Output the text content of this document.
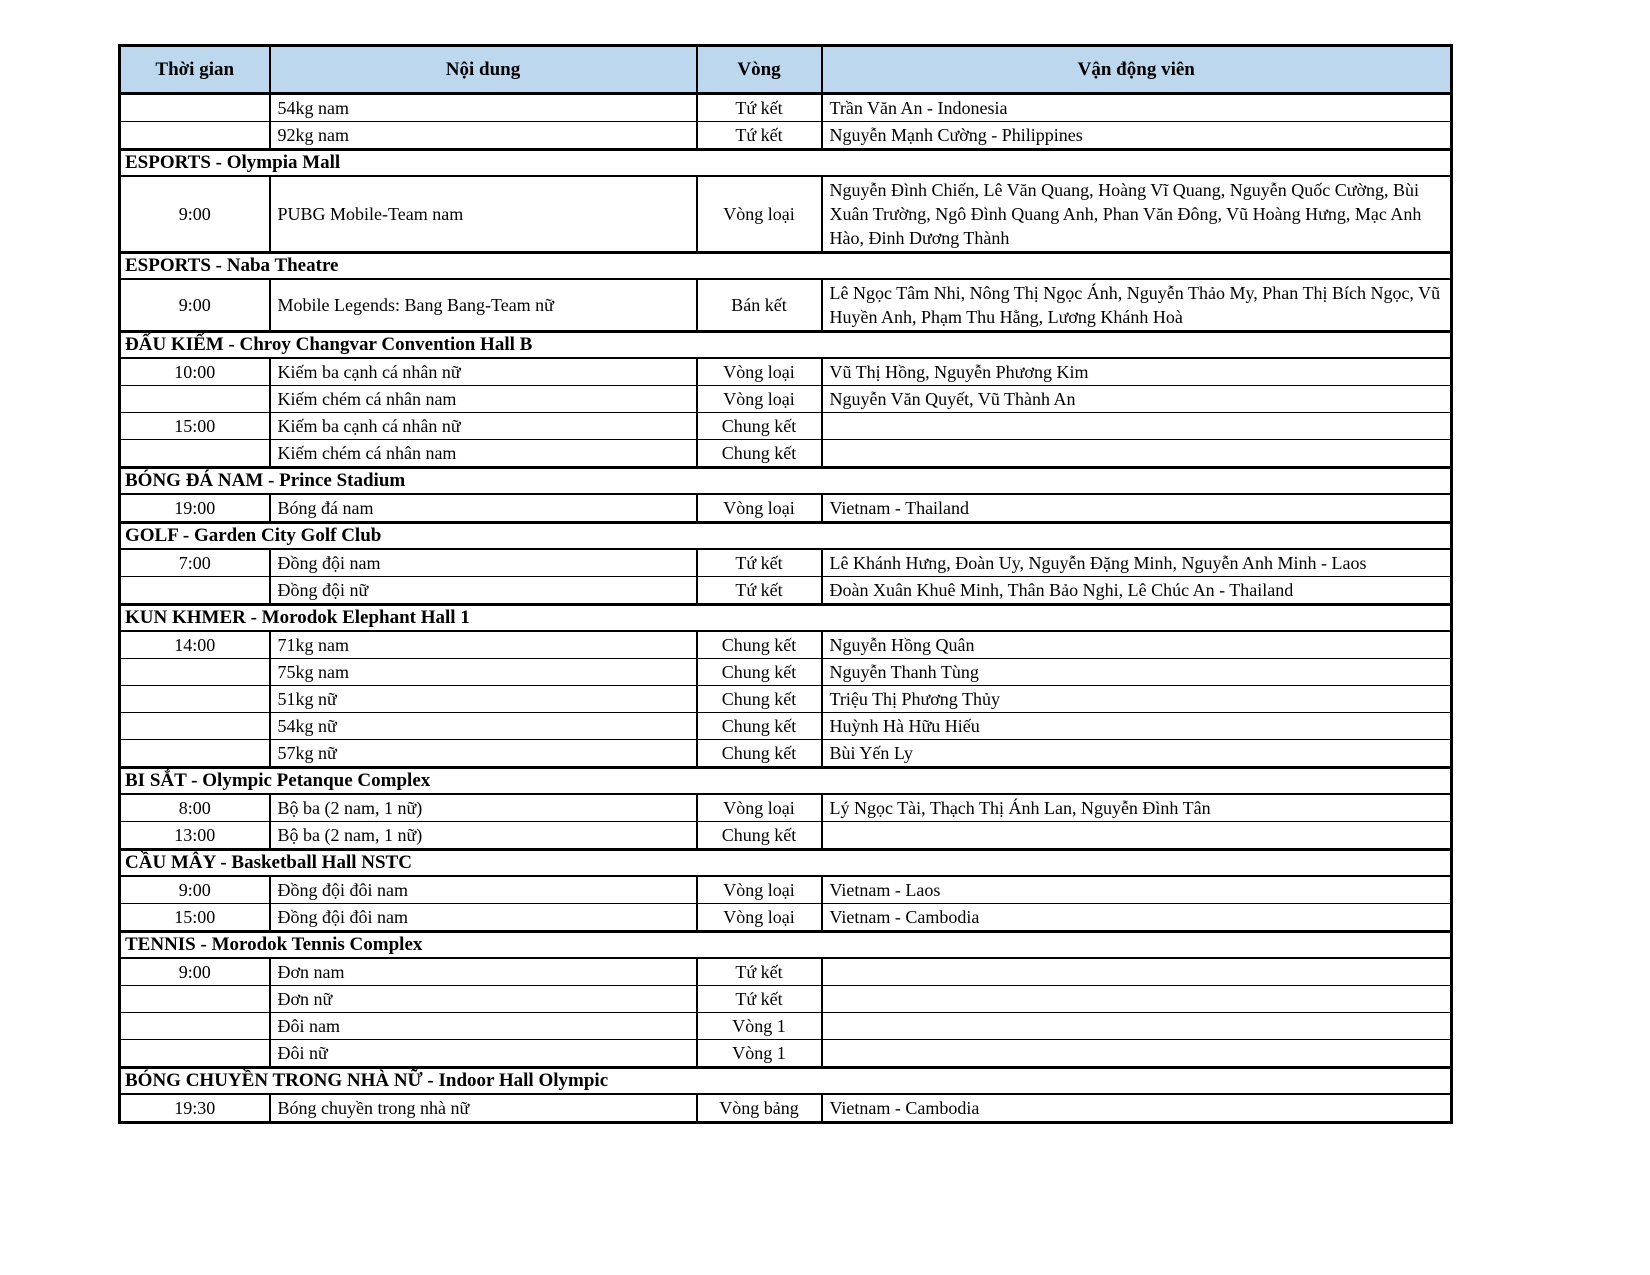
Thời gian	Nội dung	Vòng	Vận động viên
	54kg nam	Tứ kết	Trần Văn An - Indonesia
	92kg nam	Tứ kết	Nguyễn Mạnh Cường - Philippines
ESPORTS - Olympia Mall			
9:00	PUBG Mobile-Team nam	Vòng loại	Nguyễn Đình Chiến, Lê Văn Quang, Hoàng Vĩ Quang, Nguyễn Quốc Cường, Bùi Xuân Trường, Ngô Đình Quang Anh, Phan Văn Đông, Vũ Hoàng Hưng, Mạc Anh Hào, Đinh Dương Thành
ESPORTS - Naba Theatre			
9:00	Mobile Legends: Bang Bang-Team nữ	Bán kết	Lê Ngọc Tâm Nhi, Nông Thị Ngọc Ánh, Nguyễn Thảo My, Phan Thị Bích Ngọc, Vũ Huyền Anh, Phạm Thu Hằng, Lương Khánh Hoà
ĐẤU KIẾM - Chroy Changvar Convention Hall B			
10:00	Kiếm ba cạnh cá nhân nữ	Vòng loại	Vũ Thị Hồng, Nguyễn Phương Kim
	Kiếm chém cá nhân nam	Vòng loại	Nguyễn Văn Quyết, Vũ Thành An
15:00	Kiếm ba cạnh cá nhân nữ	Chung kết	
	Kiếm chém cá nhân nam	Chung kết	
BÓNG ĐÁ NAM - Prince Stadium			
19:00	Bóng đá nam	Vòng loại	Vietnam - Thailand
GOLF - Garden City Golf Club			
7:00	Đồng đội nam	Tứ kết	Lê Khánh Hưng, Đoàn Uy, Nguyễn Đặng Minh, Nguyễn Anh Minh - Laos
	Đồng đội nữ	Tứ kết	Đoàn Xuân Khuê Minh, Thân Bảo Nghi, Lê Chúc An - Thailand
KUN KHMER - Morodok Elephant Hall 1			
14:00	71kg nam	Chung kết	Nguyễn Hồng Quân
	75kg nam	Chung kết	Nguyễn Thanh Tùng
	51kg nữ	Chung kết	Triệu Thị Phương Thủy
	54kg nữ	Chung kết	Huỳnh Hà Hữu Hiếu
	57kg nữ	Chung kết	Bùi Yến Ly
BI SẮT - Olympic Petanque Complex			
8:00	Bộ ba (2 nam, 1 nữ)	Vòng loại	Lý Ngọc Tài, Thạch Thị Ánh Lan, Nguyễn Đình Tân
13:00	Bộ ba (2 nam, 1 nữ)	Chung kết	
CẦU MÂY - Basketball Hall NSTC			
9:00	Đồng đội đôi nam	Vòng loại	Vietnam - Laos
15:00	Đồng đội đôi nam	Vòng loại	Vietnam - Cambodia
TENNIS - Morodok Tennis Complex			
9:00	Đơn nam	Tứ kết	
	Đơn nữ	Tứ kết	
	Đôi nam	Vòng 1	
	Đôi nữ	Vòng 1	
BÓNG CHUYỀN TRONG NHÀ NỮ - Indoor Hall Olympic			
19:30	Bóng chuyền trong nhà nữ	Vòng bảng	Vietnam - Cambodia
